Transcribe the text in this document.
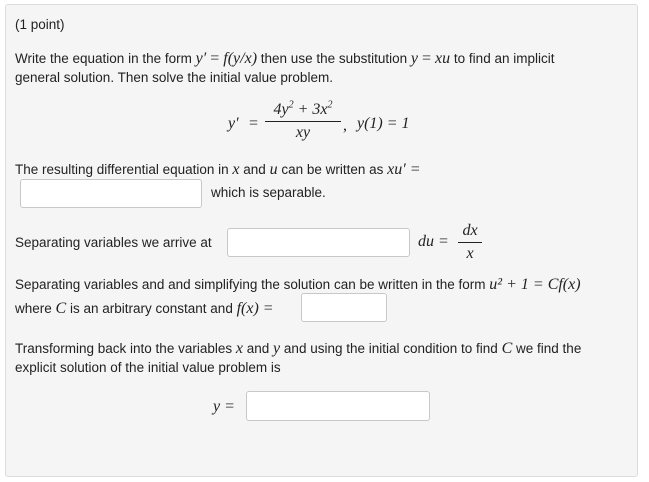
(1 point)
Write the equation in the form y′ = f(y/x) then use the substitution y = xu to find an implicit
general solution. Then solve the initial value problem.
y′ =
$4y^2 + 3x^2$
xy	, y(1) = 1
The resulting differential equation in x and u can be written as xu′ =
which is separable.
Separating variables we arrive at	du =
dx
x
Separating variables and and simplifying the solution can be written in the form u² + 1 = Cf(x)
where C is an arbitrary constant and f(x) =
Transforming back into the variables x and y and using the initial condition to find C we find the
explicit solution of the initial value problem is
y =
